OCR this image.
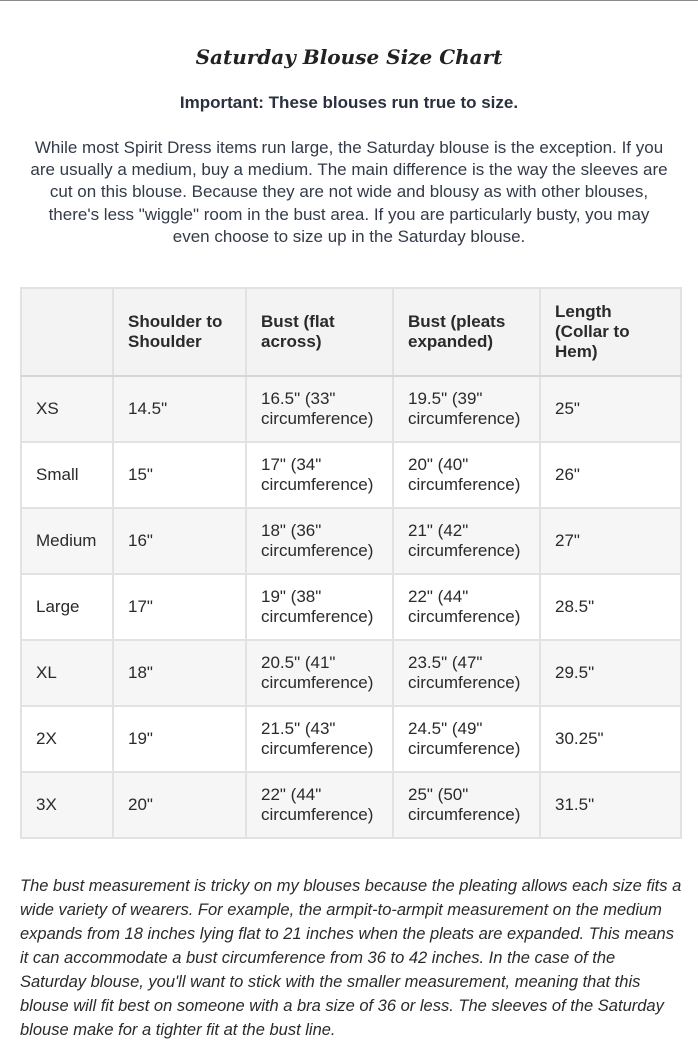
Saturday Blouse Size Chart

Important: These blouses run true to size.

While most Spirit Dress items run large, the Saturday blouse is the exception. If you are usually a medium, buy a medium. The main difference is the way the sleeves are cut on this blouse. Because they are not wide and blousy as with other blouses, there's less "wiggle" room in the bust area. If you are particularly busty, you may even choose to size up in the Saturday blouse.

	Shoulder to Shoulder	Bust (flat across)	Bust (pleats expanded)	Length (Collar to Hem)
XS	14.5"	16.5" (33" circumference)	19.5" (39" circumference)	25"
Small	15"	17" (34" circumference)	20" (40" circumference)	26"
Medium	16"	18" (36" circumference)	21" (42" circumference)	27"
Large	17"	19" (38" circumference)	22" (44" circumference)	28.5"
XL	18"	20.5" (41" circumference)	23.5" (47" circumference)	29.5"
2X	19"	21.5" (43" circumference)	24.5" (49" circumference)	30.25"
3X	20"	22" (44" circumference)	25" (50" circumference)	31.5"

The bust measurement is tricky on my blouses because the pleating allows each size fits a wide variety of wearers. For example, the armpit-to-armpit measurement on the medium expands from 18 inches lying flat to 21 inches when the pleats are expanded. This means it can accommodate a bust circumference from 36 to 42 inches. In the case of the Saturday blouse, you'll want to stick with the smaller measurement, meaning that this blouse will fit best on someone with a bra size of 36 or less. The sleeves of the Saturday blouse make for a tighter fit at the bust line.
